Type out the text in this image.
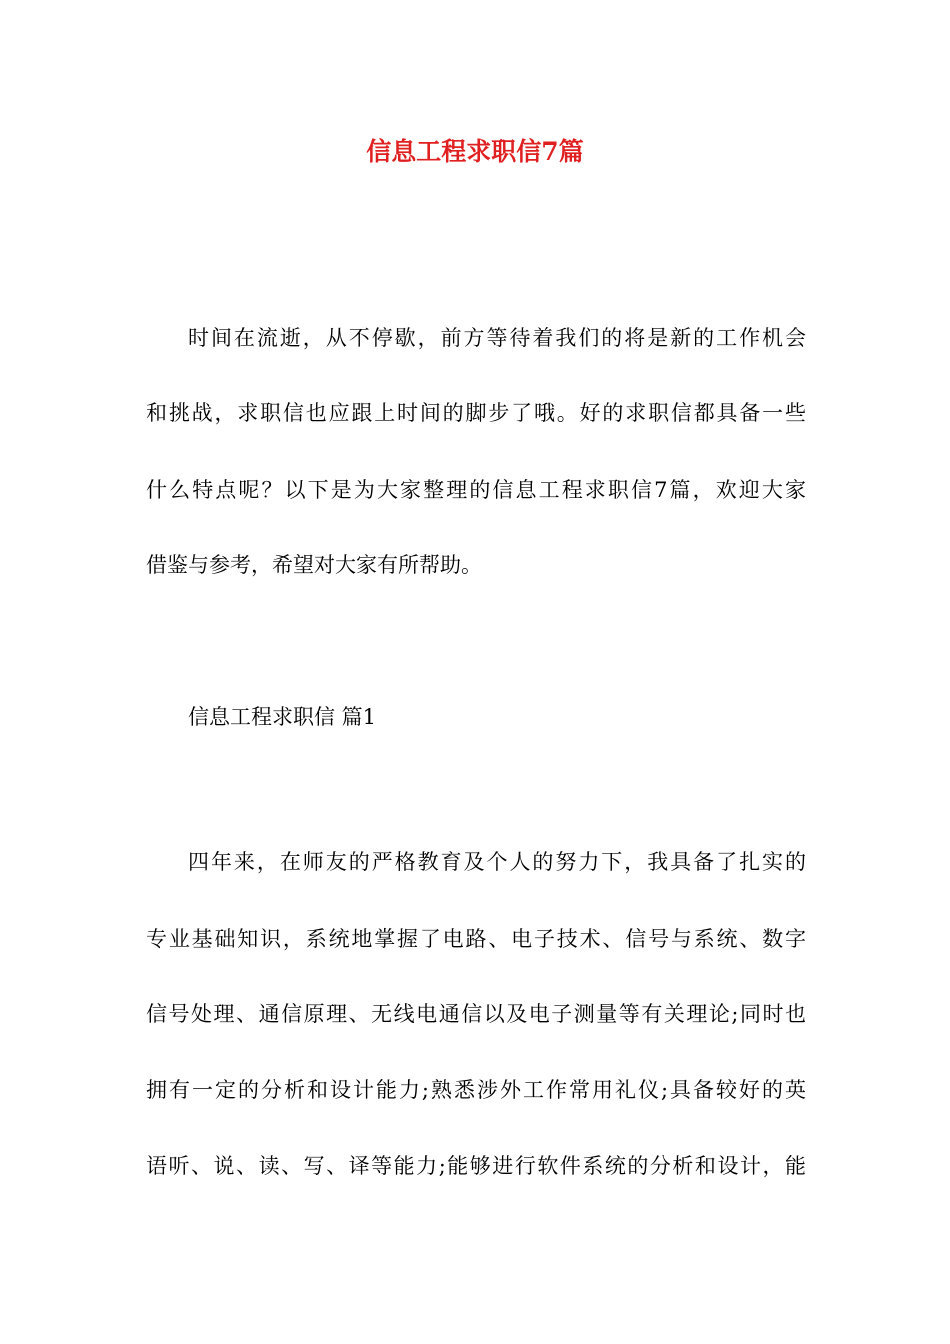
信息工程求职信7篇

时间在流逝，从不停歇，前方等待着我们的将是新的工作机会

和挑战，求职信也应跟上时间的脚步了哦。好的求职信都具备一些

什么特点呢？以下是为大家整理的信息工程求职信7篇，欢迎大家

借鉴与参考，希望对大家有所帮助。

信息工程求职信 篇1

四年来，在师友的严格教育及个人的努力下，我具备了扎实的

专业基础知识，系统地掌握了电路、电子技术、信号与系统、数字

信号处理、通信原理、无线电通信以及电子测量等有关理论;同时也

拥有一定的分析和设计能力;熟悉涉外工作常用礼仪;具备较好的英

语听、说、读、写、译等能力;能够进行软件系统的分析和设计，能
